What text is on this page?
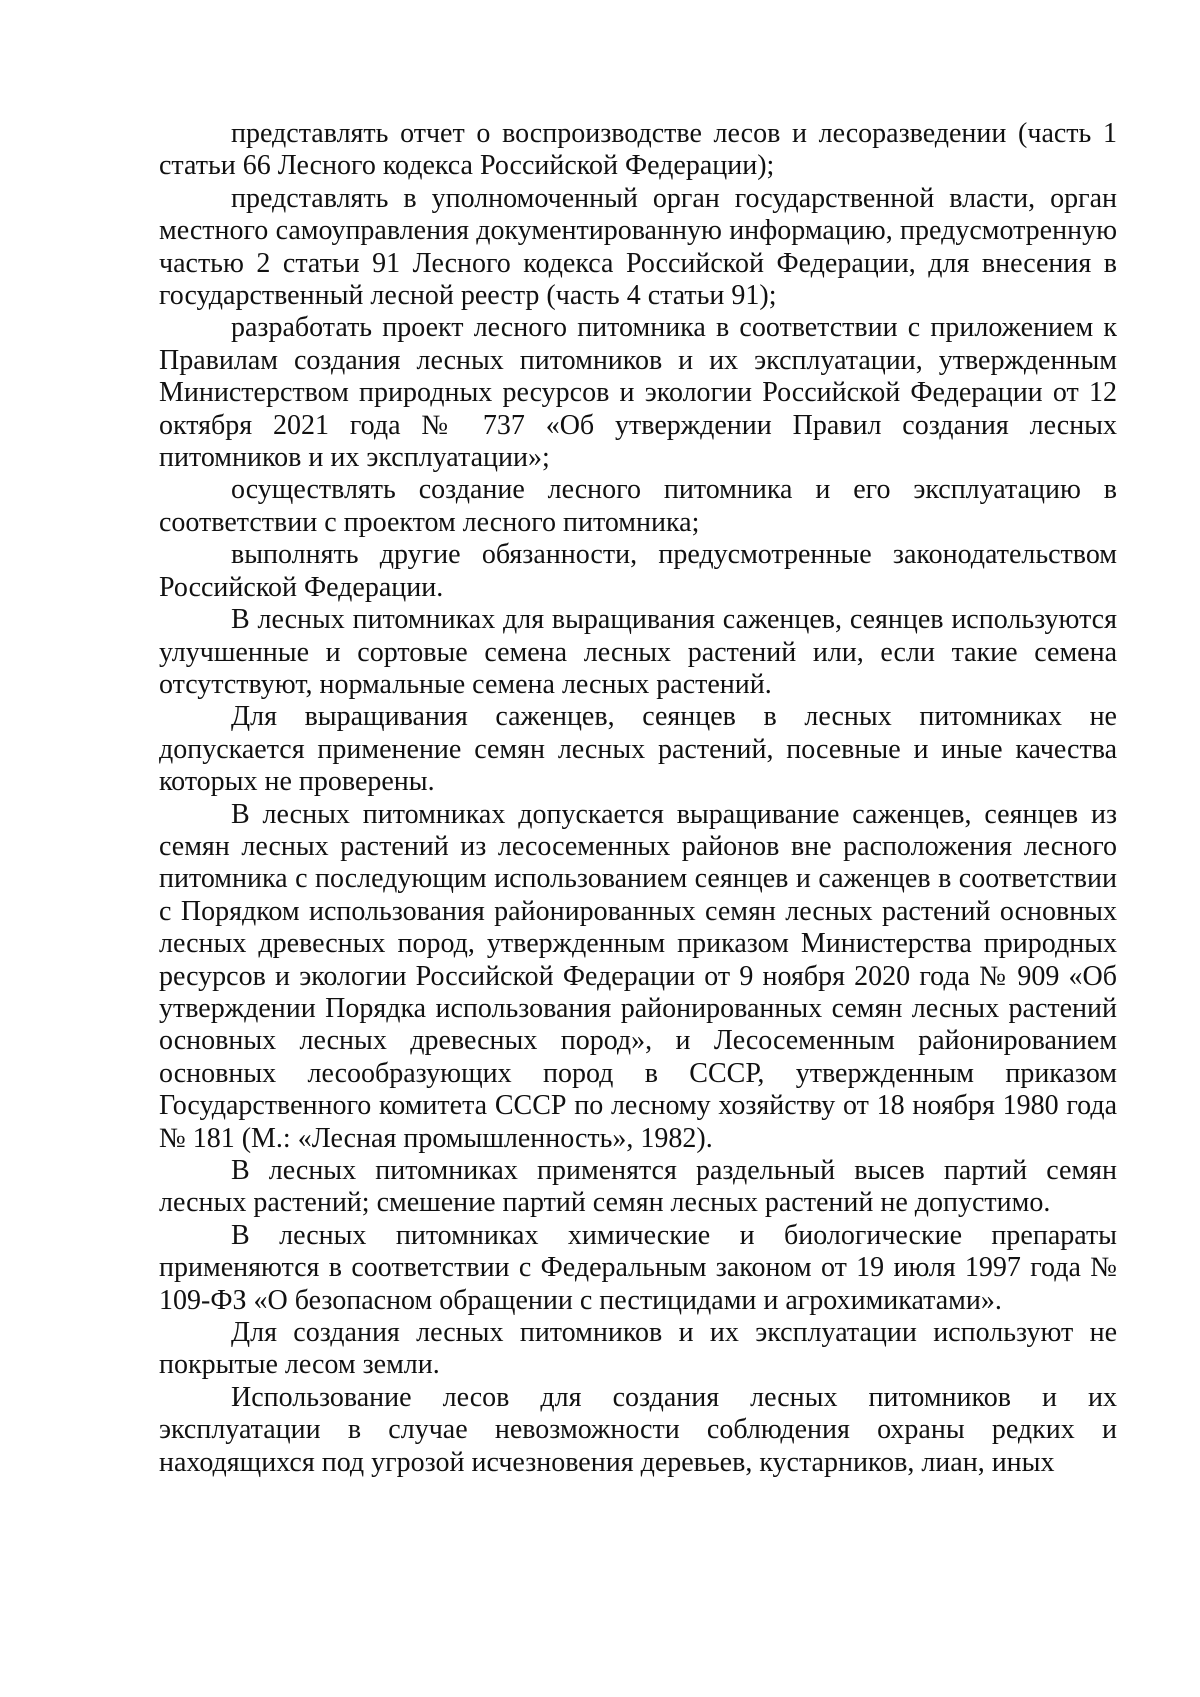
представлять отчет о воспроизводстве лесов и лесоразведении (часть 1 статьи 66 Лесного кодекса Российской Федерации);

представлять в уполномоченный орган государственной власти, орган местного самоуправления документированную информацию, предусмотренную частью 2 статьи 91 Лесного кодекса Российской Федерации, для внесения в государственный лесной реестр (часть 4 статьи 91);

разработать проект лесного питомника в соответствии с приложением к Правилам создания лесных питомников и их эксплуатации, утвержденным Министерством природных ресурсов и экологии Российской Федерации от 12 октября 2021 года № 737 «Об утверждении Правил создания лесных питомников и их эксплуатации»;

осуществлять создание лесного питомника и его эксплуатацию в соответствии с проектом лесного питомника;

выполнять другие обязанности, предусмотренные законодательством Российской Федерации.

В лесных питомниках для выращивания саженцев, сеянцев используются улучшенные и сортовые семена лесных растений или, если такие семена отсутствуют, нормальные семена лесных растений.

Для выращивания саженцев, сеянцев в лесных питомниках не допускается применение семян лесных растений, посевные и иные качества которых не проверены.

В лесных питомниках допускается выращивание саженцев, сеянцев из семян лесных растений из лесосеменных районов вне расположения лесного питомника с последующим использованием сеянцев и саженцев в соответствии с Порядком использования районированных семян лесных растений основных лесных древесных пород, утвержденным приказом Министерства природных ресурсов и экологии Российской Федерации от 9 ноября 2020 года № 909 «Об утверждении Порядка использования районированных семян лесных растений основных лесных древесных пород», и Лесосеменным районированием основных лесообразующих пород в СССР, утвержденным приказом Государственного комитета СССР по лесному хозяйству от 18 ноября 1980 года № 181 (М.: «Лесная промышленность», 1982).

В лесных питомниках применятся раздельный высев партий семян лесных растений; смешение партий семян лесных растений не допустимо.

В лесных питомниках химические и биологические препараты применяются в соответствии с Федеральным законом от 19 июля 1997 года № 109-ФЗ «О безопасном обращении с пестицидами и агрохимикатами».

Для создания лесных питомников и их эксплуатации используют не покрытые лесом земли.

Использование лесов для создания лесных питомников и их эксплуатации в случае невозможности соблюдения охраны редких и находящихся под угрозой исчезновения деревьев, кустарников, лиан, иных
